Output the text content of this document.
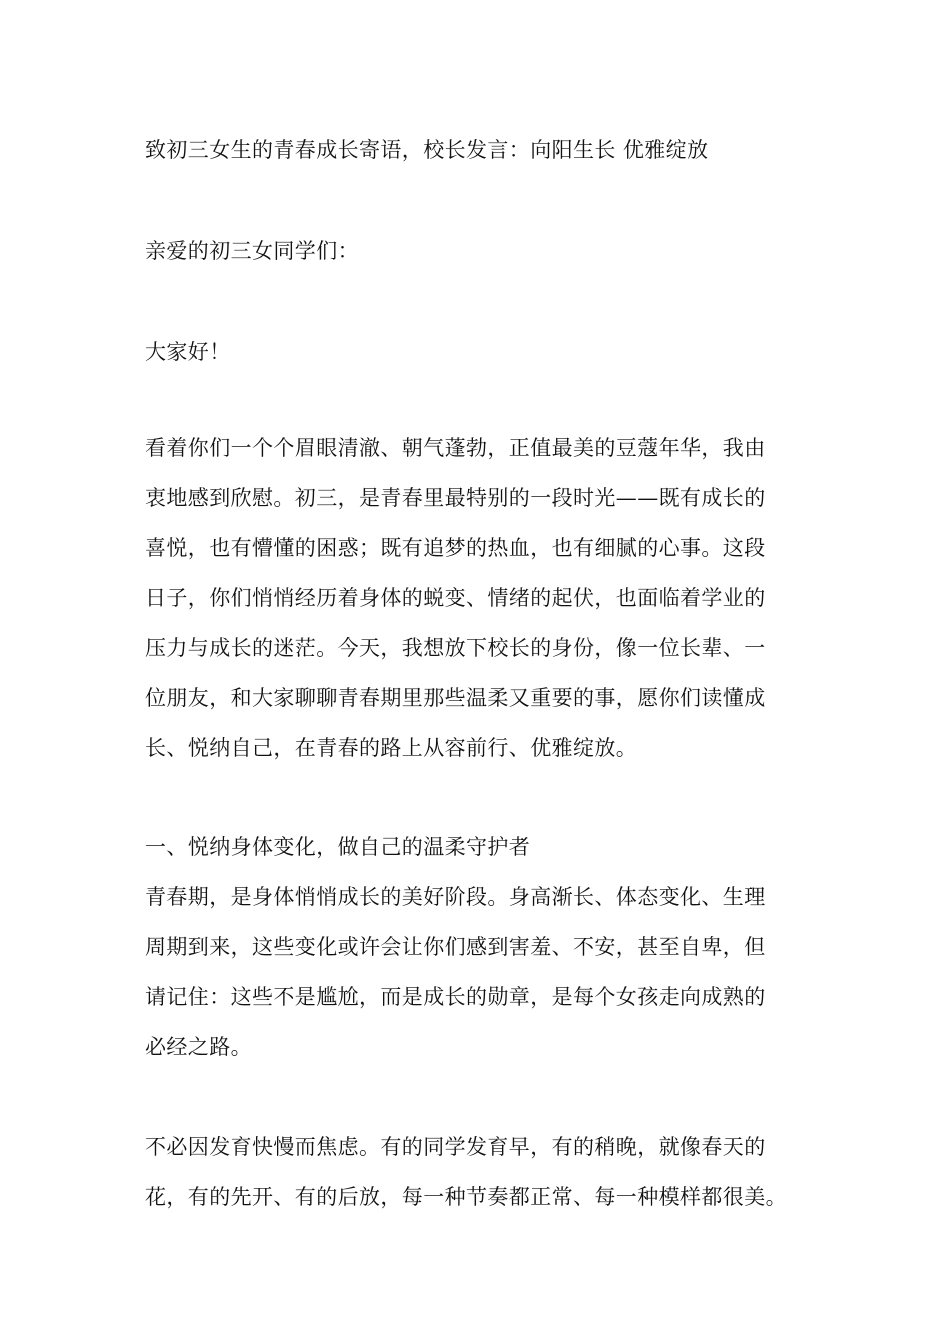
致初三女生的青春成长寄语，校长发言：向阳生长 优雅绽放
亲爱的初三女同学们：
大家好！
看着你们一个个眉眼清澈、朝气蓬勃，正值最美的豆蔻年华，我由
衷地感到欣慰。初三，是青春里最特别的一段时光——既有成长的
喜悦，也有懵懂的困惑；既有追梦的热血，也有细腻的心事。这段
日子，你们悄悄经历着身体的蜕变、情绪的起伏，也面临着学业的
压力与成长的迷茫。今天，我想放下校长的身份，像一位长辈、一
位朋友，和大家聊聊青春期里那些温柔又重要的事，愿你们读懂成
长、悦纳自己，在青春的路上从容前行、优雅绽放。
一、悦纳身体变化，做自己的温柔守护者
青春期，是身体悄悄成长的美好阶段。身高渐长、体态变化、生理
周期到来，这些变化或许会让你们感到害羞、不安，甚至自卑，但
请记住：这些不是尴尬，而是成长的勋章，是每个女孩走向成熟的
必经之路。
不必因发育快慢而焦虑。有的同学发育早，有的稍晚，就像春天的
花，有的先开、有的后放，每一种节奏都正常、每一种模样都很美。
